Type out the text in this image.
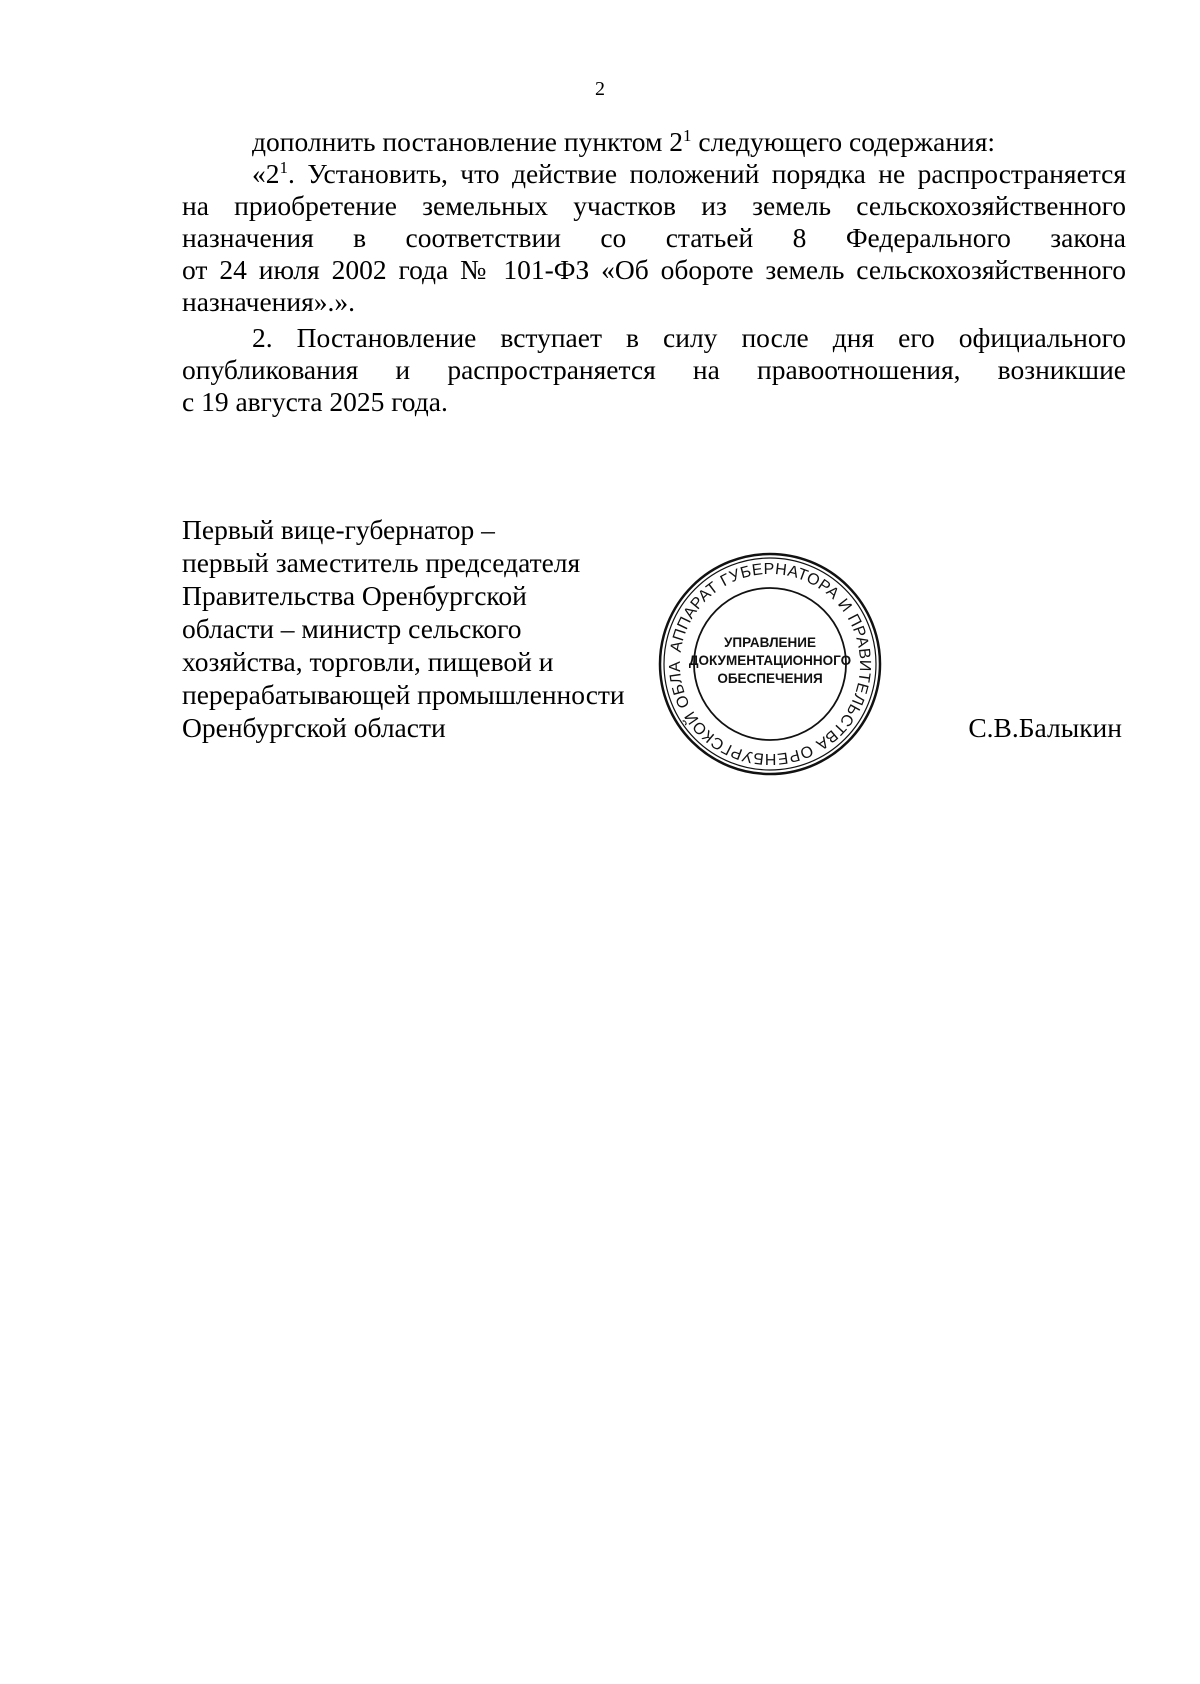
2
дополнить постановление пунктом $2^1$ следующего содержания:
«$2^1$. Установить, что действие положений порядка не распространяется
на приобретение земельных участков из земель сельскохозяйственного
назначения в соответствии со статьей 8 Федерального закона
от 24 июля 2002 года № 101-ФЗ «Об обороте земель сельскохозяйственного
назначения».».
2. Постановление вступает в силу после дня его официального
опубликования и распространяется на правоотношения, возникшие
с 19 августа 2025 года.
Первый вице-губернатор –
первый заместитель председателя
Правительства Оренбургской
области – министр сельского
хозяйства, торговли, пищевой и
перерабатывающей промышленности
Оренбургской области	С.В.Балыкин
АППАРАТ ГУБЕРНАТОРА И ПРАВИТЕЛЬСТВА ОРЕНБУРГСКОЙ ОБЛА
УПРАВЛЕНИЕ
ДОКУМЕНТАЦИОННОГО
ОБЕСПЕЧЕНИЯ
